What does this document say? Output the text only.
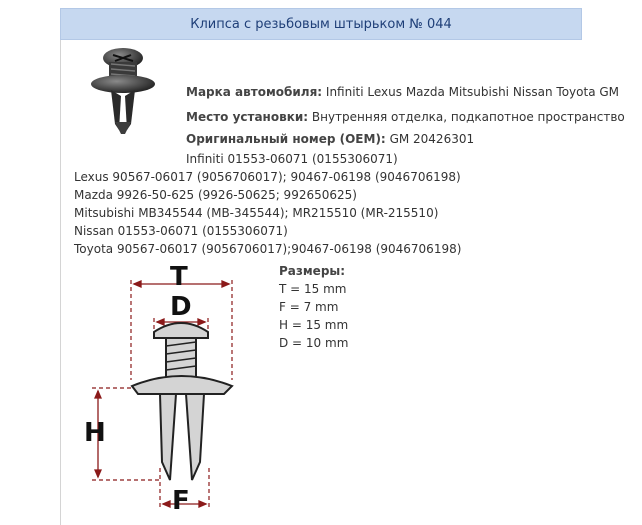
Клипса с резьбовым штырьком № 044
Марка автомобиля: Infiniti Lexus Mazda Mitsubishi Nissan Toyota GM
Место установки: Внутренняя отделка, подкапотное пространство
Оригинальный номер (OEM): GM 20426301
Infiniti 01553-06071 (0155306071)
Lexus 90567-06017 (9056706017); 90467-06198 (9046706198)
Mazda 9926-50-625 (9926-50625; 992650625)
Mitsubishi MB345544 (MB-345544); MR215510 (MR-215510)
Nissan 01553-06071 (0155306071)
Toyota 90567-06017 (9056706017);90467-06198 (9046706198)
T
D
H
F
Размеры:
T = 15 mm
F = 7 mm
H = 15 mm
D = 10 mm
